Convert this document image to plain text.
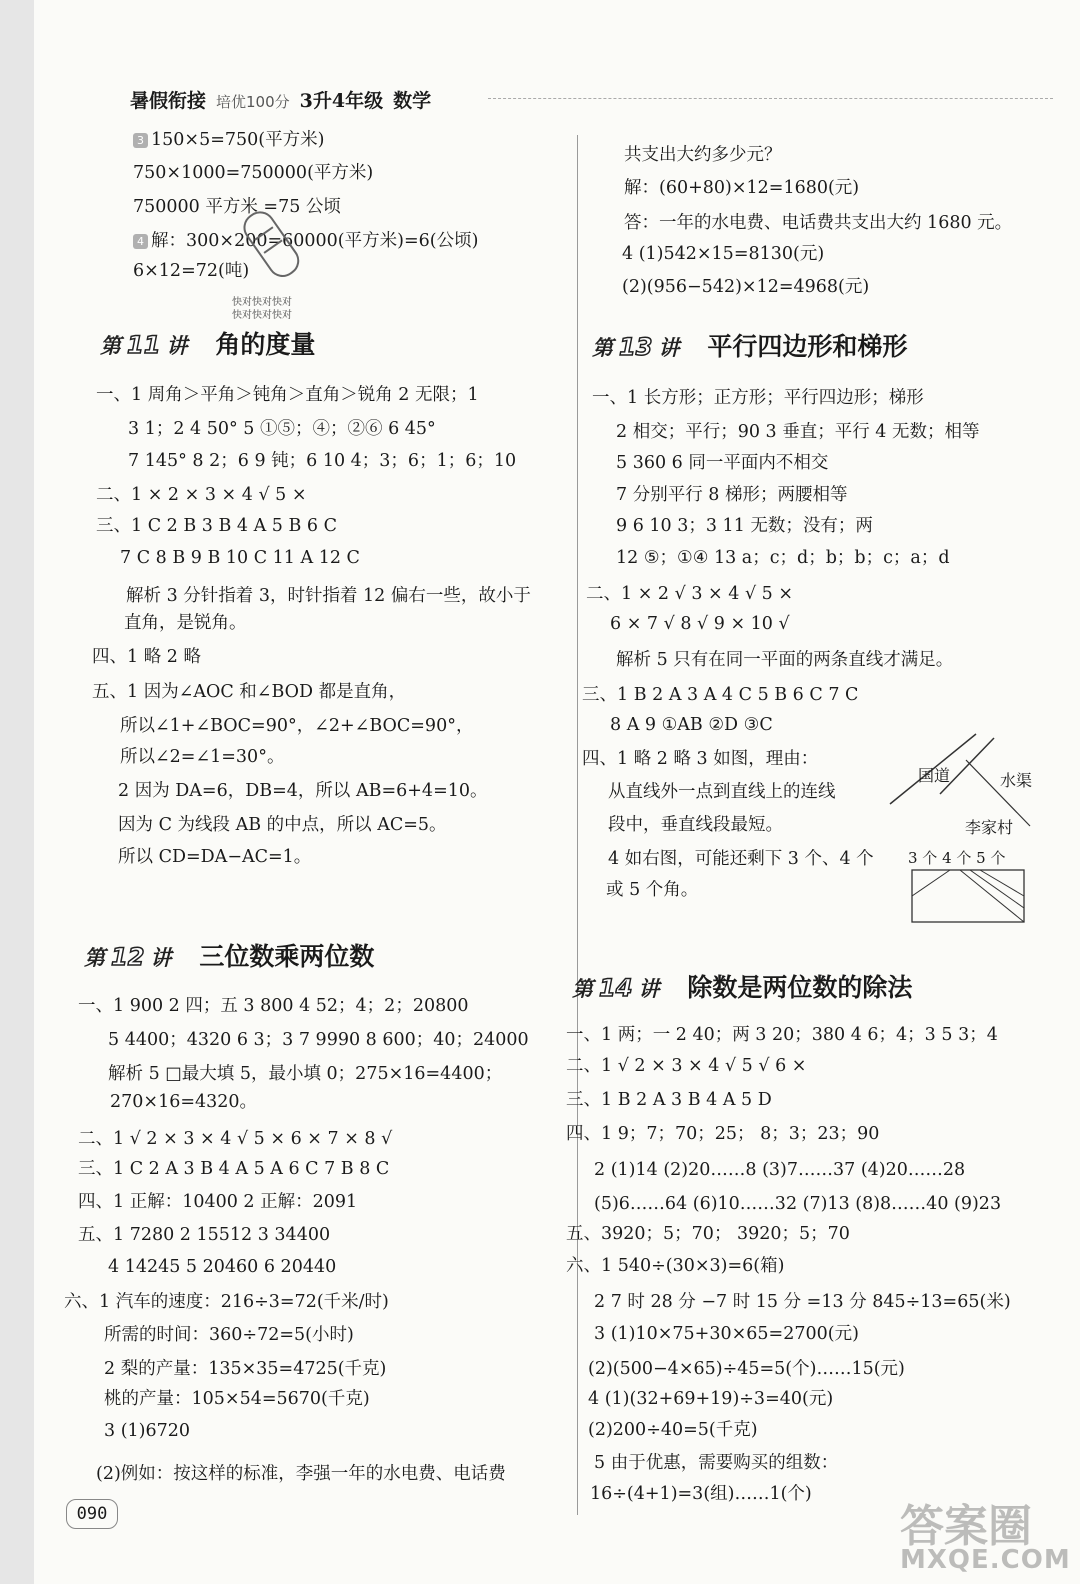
暑假衔接 培优100分 3升4年级 数学
3 150×5=750(平方米)
750×1000=750000(平方米)
750000 平方米 =75 公顷
4 解：300×200=60000(平方米)=6(公顷)
6×12=72(吨)
快对快对快对
快对快对快对
第 11 讲 角的度量
一、1 周角＞平角＞钝角＞直角＞锐角 2 无限；1
3 1；2 4 50° 5 ①⑤；④；②⑥ 6 45°
7 145° 8 2；6 9 钝；6 10 4；3；6；1；6；10
二、1 × 2 × 3 × 4 √ 5 ×
三、1 C 2 B 3 B 4 A 5 B 6 C
7 C 8 B 9 B 10 C 11 A 12 C
解析 3 分针指着 3，时针指着 12 偏右一些，故小于
直角，是锐角。
四、1 略 2 略
五、1 因为∠AOC 和∠BOD 都是直角，
所以∠1+∠BOC=90°，∠2+∠BOC=90°，
所以∠2=∠1=30°。
2 因为 DA=6，DB=4，所以 AB=6+4=10。
因为 C 为线段 AB 的中点，所以 AC=5。
所以 CD=DA−AC=1。
第 12 讲 三位数乘两位数
一、1 900 2 四；五 3 800 4 52；4；2；20800
5 4400；4320 6 3；3 7 9990 8 600；40；24000
解析 5 □最大填 5，最小填 0；275×16=4400；
270×16=4320。
二、1 √ 2 × 3 × 4 √ 5 × 6 × 7 × 8 √
三、1 C 2 A 3 B 4 A 5 A 6 C 7 B 8 C
四、1 正解：10400 2 正解：2091
五、1 7280 2 15512 3 34400
4 14245 5 20460 6 20440
六、1 汽车的速度：216÷3=72(千米/时)
所需的时间：360÷72=5(小时)
2 梨的产量：135×35=4725(千克)
桃的产量：105×54=5670(千克)
3 (1)6720
(2)例如：按这样的标准，李强一年的水电费、电话费
共支出大约多少元？
解：(60+80)×12=1680(元)
答：一年的水电费、电话费共支出大约 1680 元。
4 (1)542×15=8130(元)
(2)(956−542)×12=4968(元)
第 13 讲 平行四边形和梯形
一、1 长方形；正方形；平行四边形；梯形
2 相交；平行；90 3 垂直；平行 4 无数；相等
5 360 6 同一平面内不相交
7 分别平行 8 梯形；两腰相等
9 6 10 3；3 11 无数；没有；两
12 ⑤；①④ 13 a；c；d；b；b；c；a；d
二、1 × 2 √ 3 × 4 √ 5 ×
6 × 7 √ 8 √ 9 × 10 √
解析 5 只有在同一平面的两条直线才满足。
三、1 B 2 A 3 A 4 C 5 B 6 C 7 C
8 A 9 ①AB ②D ③C
四、1 略 2 略 3 如图，理由：
从直线外一点到直线上的连线
段中，垂直线段最短。
4 如右图，可能还剩下 3 个、4 个
或 5 个角。
国道	水渠
李家村
3 个 4 个 5 个
第 14 讲 除数是两位数的除法
一、1 两；一 2 40；两 3 20；380 4 6；4；3 5 3；4
二、1 √ 2 × 3 × 4 √ 5 √ 6 ×
三、1 B 2 A 3 B 4 A 5 D
四、1 9；7；70；25； 8；3；23；90
2 (1)14 (2)20……8 (3)7……37 (4)20……28
(5)6……64 (6)10……32 (7)13 (8)8……40 (9)23
五、3920；5；70； 3920；5；70
六、1 540÷(30×3)=6(箱)
2 7 时 28 分 −7 时 15 分 =13 分 845÷13=65(米)
3 (1)10×75+30×65=2700(元)
(2)(500−4×65)÷45=5(个)……15(元)
4 (1)(32+69+19)÷3=40(元)
(2)200÷40=5(千克)
5 由于优惠，需要购买的组数：
16÷(4+1)=3(组)……1(个)
090	答案圈
MXQE.COM
